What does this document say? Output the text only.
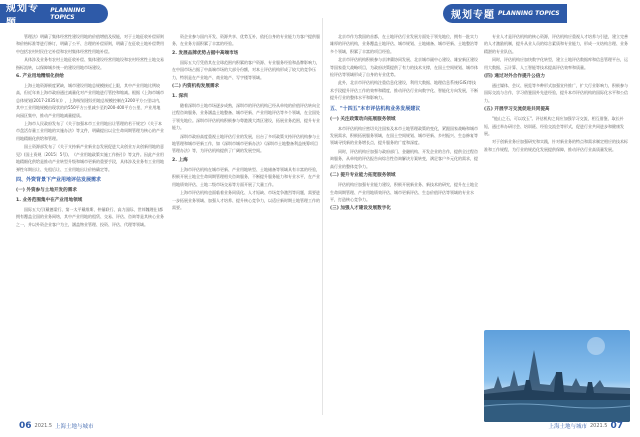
规划专题
PLANNING TOPICS	规划专题 PLANNING TOPICS

管理法》明确了集体经营性建设用地的价值增值及权能，对于土地征收补偿原则和价格标准等进行修订，明确了公平、合理的补偿原则，明确了在征收土地补偿费用中包括农村村民住宅补偿和农村集体经营性用地补偿。

具体涉及业务有农村土地征收补偿、集体建设经营用地设和农村经营性土地交易指标流转，以保障城乡统一的建设用地市场建设。

6. 产业用地精细化供给

上海土地资源极度紧缺，城市建设用地总规模接近上限，其中产业用地比例较高，但近年来上海市政府通过减量化对产业用地进行管控和缩减。根据《上海市城市总体规划(2017-2035年)》，上海规划建设用地总规模控制在3200平方公里以内，其中工业用地规模由现状的约550平方公里减少至约200-400平方公里，产业用地向园区集中，推动产业用地减量提质。

上海市人民政府发布了《关于加强本市工业用地出让管理的若干规定》《关于本市盘活存量工业用地的实施办法》等文件，明确提出以全生命周期管理为核心的产业用地精细化供给和管理。

国土资源部发布了《关于支持新产业新业态发展促进大众创业万众创新用地的意见》(国土资规〔2015〕5号)、《产业用地政策实施工作指引》等文件。因此产业用地精细化供给是推动产业转型升级和城市更新的重要手段，具体涉及业务有工业用地弹性年期出让、先租后让、工业用地出让价格确定等。

四、外资背景下产业用地评估发展需求
(一) 外资参与土地开发的需求
1. 业务范围集中在产业用地领域

国际五大行(戴德梁行、第一太平戴维斯、仲量联行、高力国际、世邦魏理仕)都拥有覆盖全国的业务网络，其中产业用地的租赁、交易、评估、咨询等是其核心业务之一，并以外资企业客户为主，涵盖物业管理、投资、评估、代理等领域。

资企业参与国内开发、资源共享、优势互补，依托自身的专业能力为客户提供服务，在业务方面积累了丰富的经验。

2. 发展品牌优势占据中高端市场

国际五大行凭借其在全球范围内积累的客户资源、专业服务经验和品牌影响力，在中国市场占据了中高端市场的大部分份额，对本土评估机构形成了较大的竞争压力，特别是在产业地产、商业地产、写字楼等领域。

(二) 内资机构发展需求
1. 深圳

随着深圳市土地市场逐步成熟，深圳市的评估机构已经从单纯的价值评估转向全过程咨询服务，业务涵盖土地整备、城市更新、产业用地评估等多个领域，在全国处于领先地位。深圳市评估机构积极参与粤港澳大湾区建设，拓展业务范围，提升专业能力。

深圳市政府高度重视土地评估行业的发展，出台了多项政策支持评估机构参与土地管理和城市更新工作，如《深圳市城市更新办法》《深圳市土地整备利益统筹项目管理办法》等，为评估机构提供了广阔的发展空间。

2. 上海

上海市评估机构在城市更新、产业用地转型、土地储备等领域具有丰富的经验，积极开展土地全生命周期管理相关咨询服务，不断提升服务能力和专业水平，在产业用地绩效评估、土地二级市场交易等方面开展了大量工作。

上海市评估机构也面临着业务同质化、人才短缺、市场竞争激烈等问题，需要进一步拓展业务领域、加强人才培养、提升核心竞争力，以适应新时期土地管理工作的需要。

北京市作为我国的首都，在土地评估行业发展方面处于领先地位，拥有一批实力雄厚的评估机构，业务覆盖土地评估、城市规划、土地储备、城市更新、土地整治等多个领域，积累了丰富的项目经验。

北京市评估机构积极参与京津冀协同发展、北京城市副中心建设、雄安新区建设等国家重大战略项目，为政府决策提供了有力的技术支撑，在国土空间规划、城市体检评估等领域形成了自身的专业优势。

此外，北京市评估机构注重信息化建设，利用大数据、地理信息系统(GIS)等技术手段提升评估工作的效率和精度，推动评估行业向数字化、智能化方向发展，不断提升行业的整体水平和影响力。

五、"十四五"本市评估机构业务发展建议
(一) 关注政策动向拓展服务领域

本市评估机构应密切关注国家及本市土地管理政策的变化，紧跟国家战略和城市发展需求，积极拓展服务领域，在国土空间规划、城市更新、乡村振兴、生态修复等领域寻找新的业务增长点，提升服务的广度和深度。

同时，评估机构应加强与政府部门、金融机构、开发企业的合作，提供全过程咨询服务，从单纯的评估报告向综合性咨询解决方案转变，满足客户多元化的需求，提高行业的整体竞争力。

(二) 提升专业能力拓宽服务领域

评估机构应加强专业能力建设，积极开展新业务、新技术的研究，提升在土地全生命周期管理、产业用地绩效评估、城市更新评估、生态价值评估等领域的专业水平，打造核心竞争力。

(三) 加强人才建设发展数字化

专业人才是评估机构的核心资源，评估机构应重视人才培养与引进，建立完善的人才激励机制，提升从业人员的综合素质和专业能力，形成一支结构合理、业务精湛的专业队伍。

同时，评估机构应加快数字化转型，建立土地评估数据库和信息管理平台，运用大数据、云计算、人工智能等技术提高评估效率和质量。

(四) 通过对外合作提升公信力

通过媒体、会议、展览等多种形式加强宣传推广，扩大行业影响力，积极参与国际交流与合作，学习借鉴国外先进经验，提升本市评估机构的国际化水平和公信力。

(五) 开展学习交流促进共同提高

"他山之石，可以攻玉"。评估机构之间应加强学习交流，相互借鉴、取长补短，通过举办研讨会、培训班、经验交流会等形式，促进行业共同进步和健康发展。

对于创新业务应加强研究和实践，针对新业务的特点和需求制定相应的技术标准和工作规程，为行业的规范化发展提供保障，推动评估行业高质量发展。

06 2021.5 上海土地与城市	上海土地与城市 2021.5 07
